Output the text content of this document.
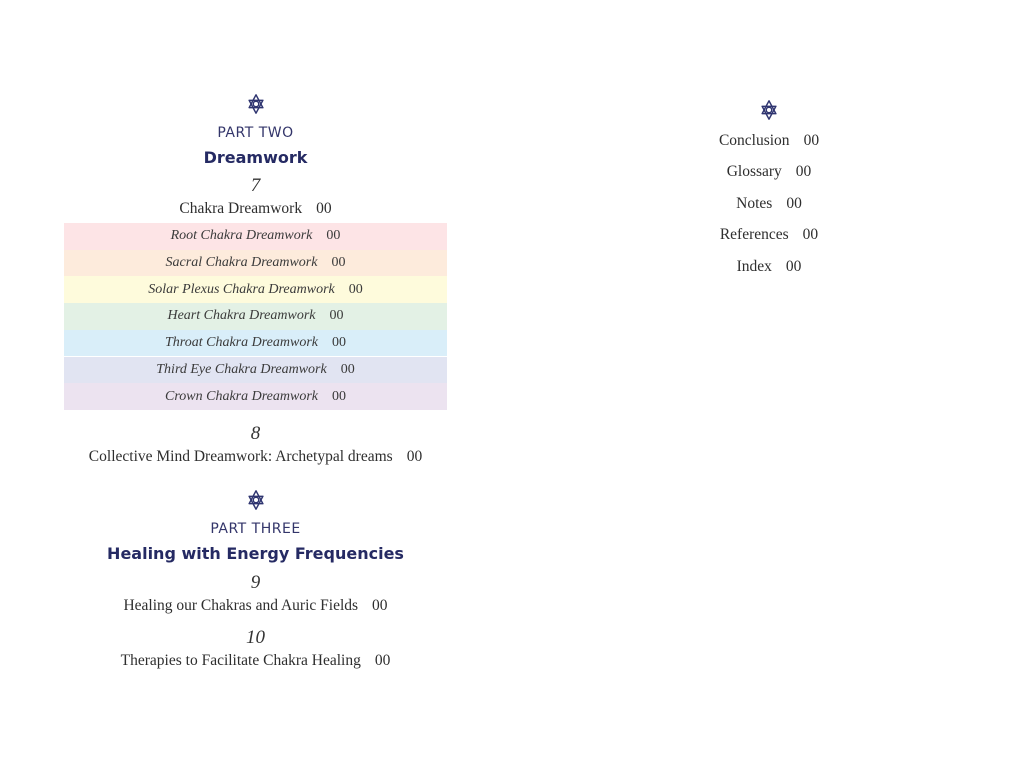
PART TWO
Dreamwork
7
Chakra Dreamwork 00
Root Chakra Dreamwork 00
Sacral Chakra Dreamwork 00
Solar Plexus Chakra Dreamwork 00
Heart Chakra Dreamwork 00
Throat Chakra Dreamwork 00
Third Eye Chakra Dreamwork 00
Crown Chakra Dreamwork 00
8
Collective Mind Dreamwork: Archetypal dreams 00
PART THREE
Healing with Energy Frequencies
9
Healing our Chakras and Auric Fields 00
10
Therapies to Facilitate Chakra Healing 00
Conclusion 00
Glossary 00
Notes 00
References 00
Index 00
